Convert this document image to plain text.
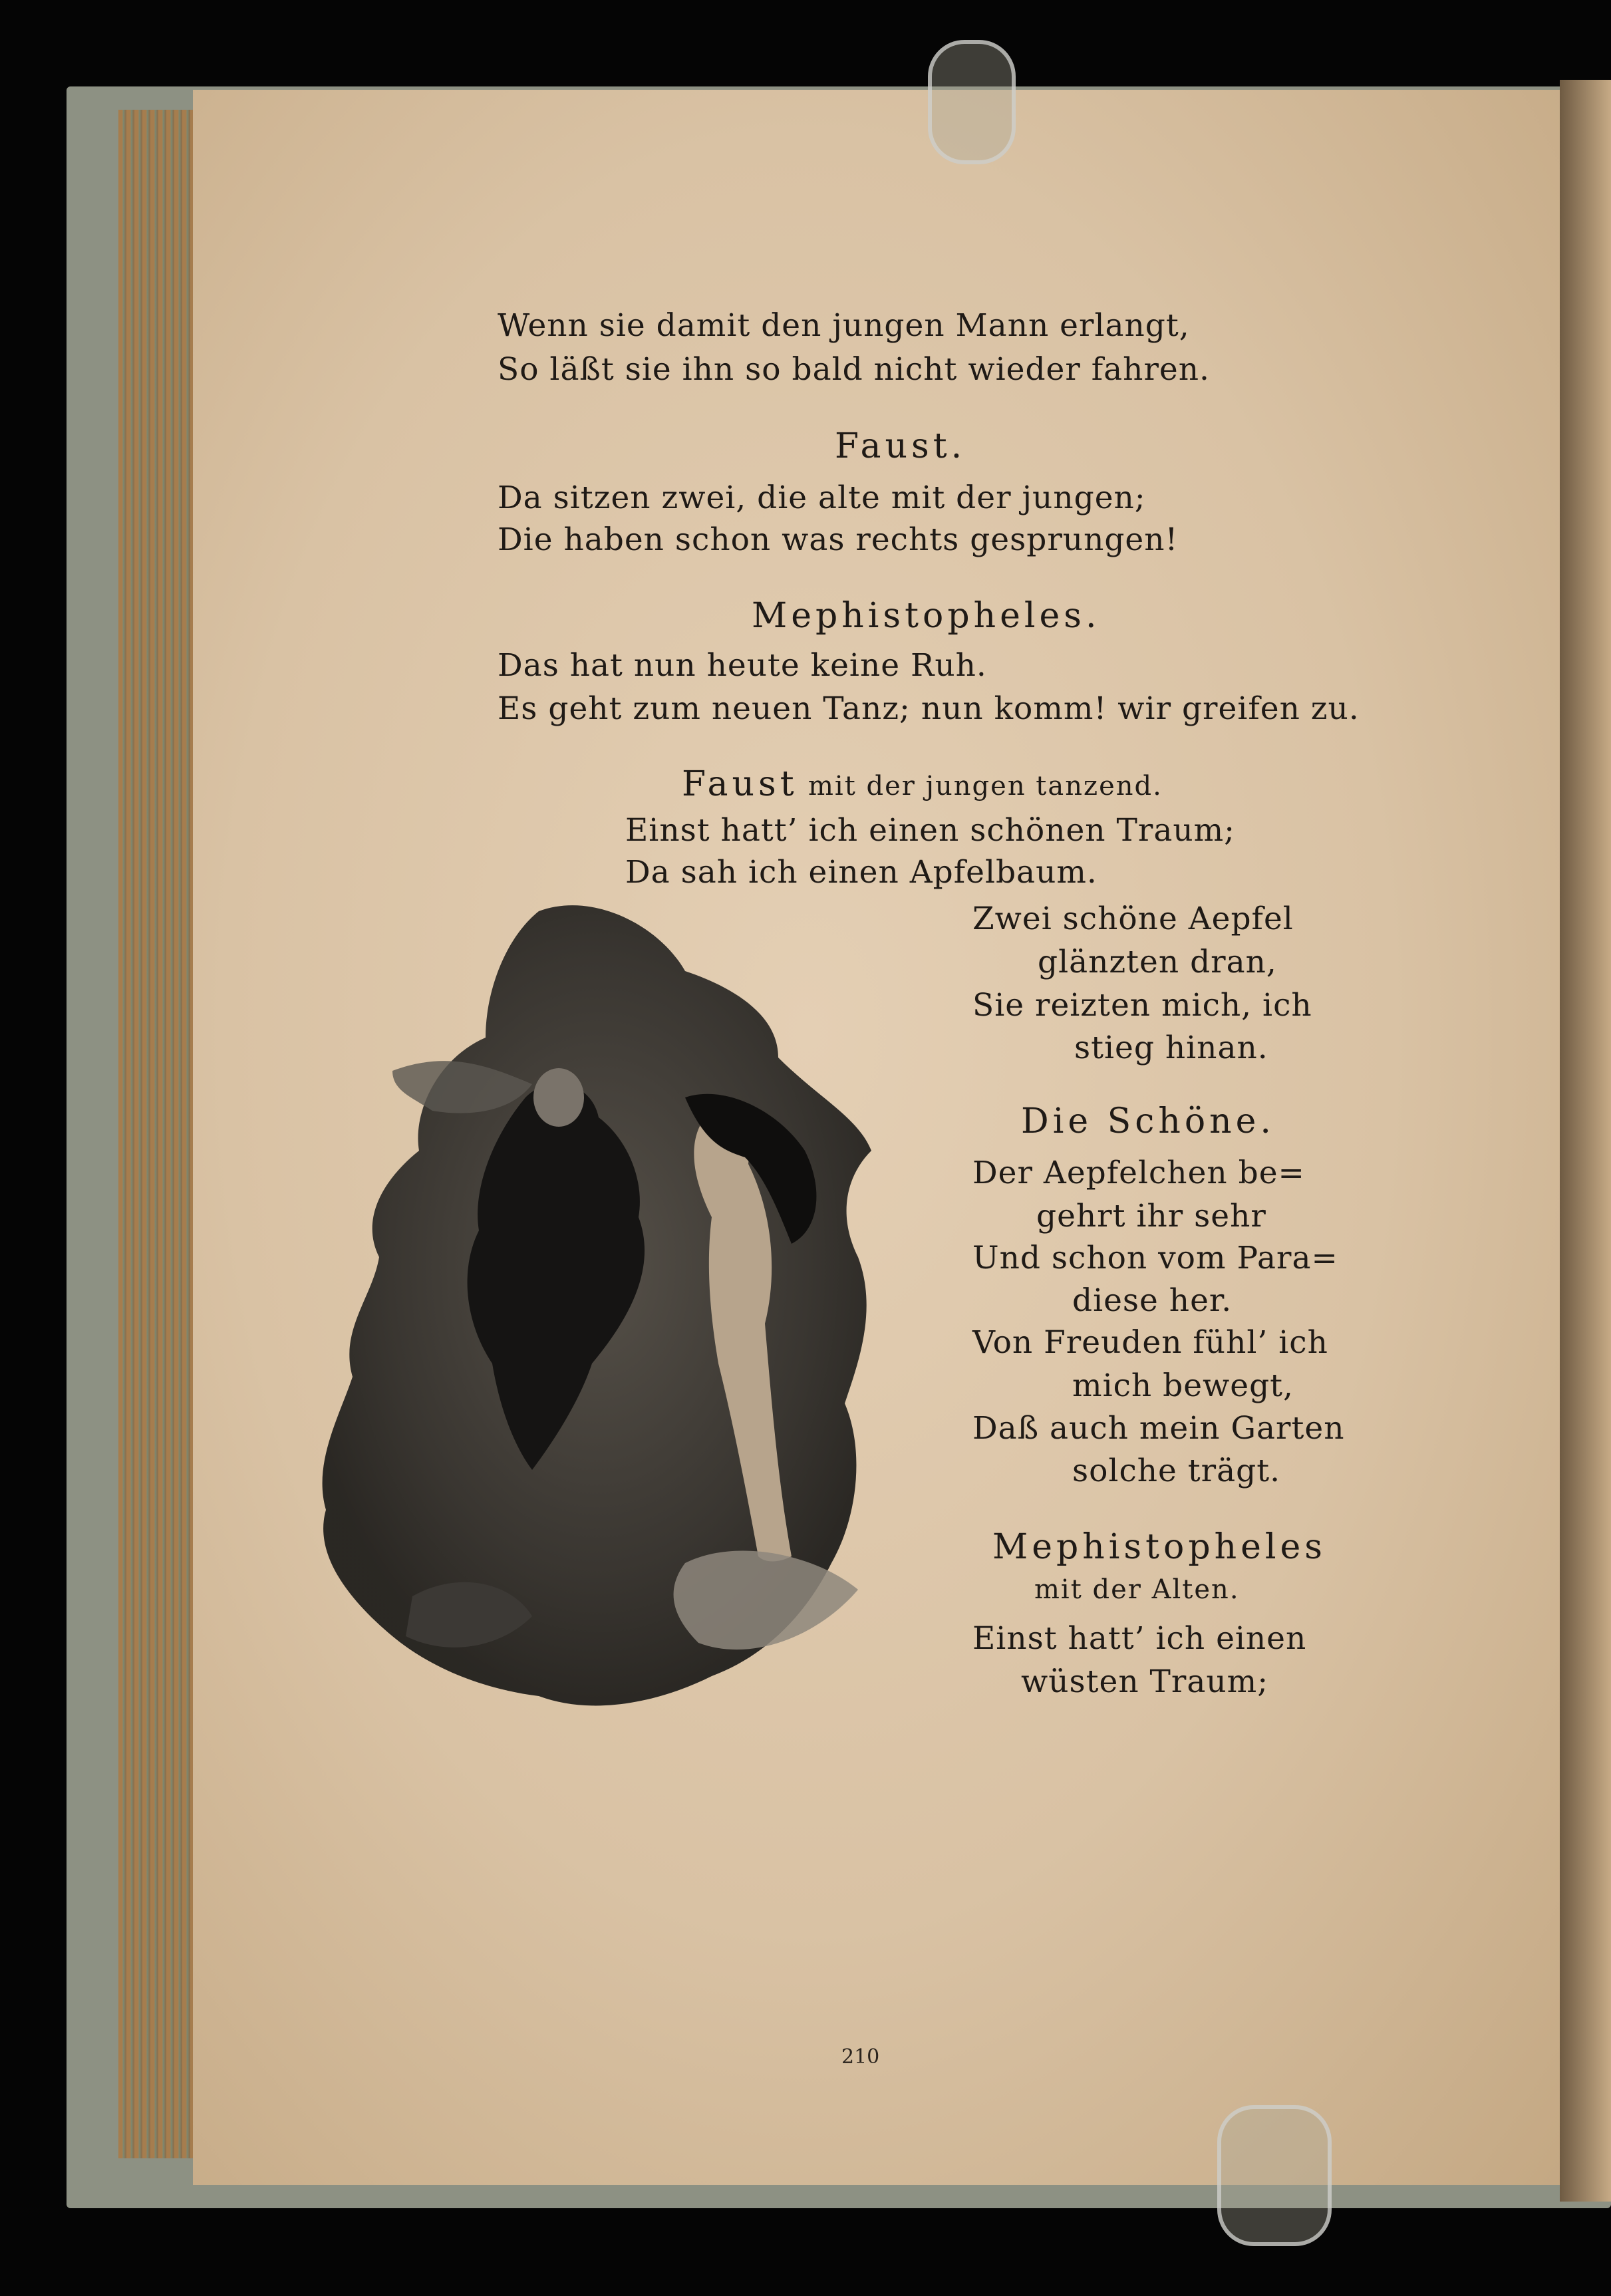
Wenn sie damit den jungen Mann erlangt,
So läßt sie ihn so bald nicht wieder fahren.
Faust.
Da sitzen zwei, die alte mit der jungen;
Die haben schon was rechts gesprungen!
Mephistopheles.
Das hat nun heute keine Ruh.
Es geht zum neuen Tanz; nun komm! wir greifen zu.
Faust mit der jungen tanzend.
Einst hatt’ ich einen schönen Traum;
Da sah ich einen Apfelbaum.
Zwei schöne Aepfel
glänzten dran,
Sie reizten mich, ich
stieg hinan.
Die Schöne.
Der Aepfelchen be=
gehrt ihr sehr
Und schon vom Para=
diese her.
Von Freuden fühl’ ich
mich bewegt,
Daß auch mein Garten
solche trägt.
Mephistopheles
mit der Alten.
Einst hatt’ ich einen
wüsten Traum;
210
